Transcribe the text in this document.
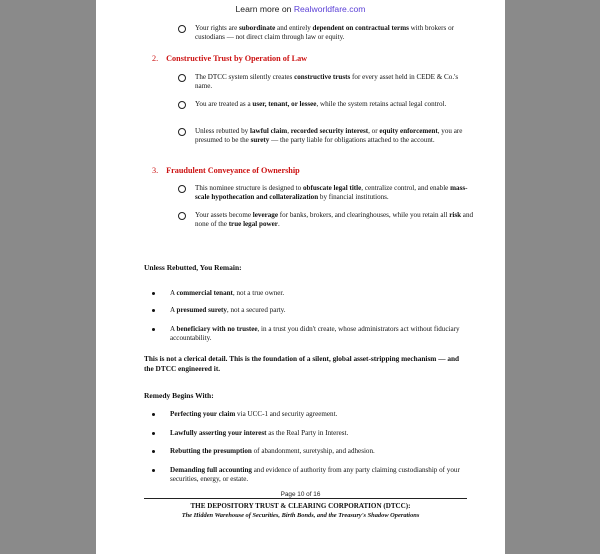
Learn more on Realworldfare.com
Your rights are subordinate and entirely dependent on contractual terms with brokers or custodians — not direct claim through law or equity.
2. Constructive Trust by Operation of Law
The DTCC system silently creates constructive trusts for every asset held in CEDE & Co.'s name.
You are treated as a user, tenant, or lessee, while the system retains actual legal control.
Unless rebutted by lawful claim, recorded security interest, or equity enforcement, you are presumed to be the surety — the party liable for obligations attached to the account.
3. Fraudulent Conveyance of Ownership
This nominee structure is designed to obfuscate legal title, centralize control, and enable mass-scale hypothecation and collateralization by financial institutions.
Your assets become leverage for banks, brokers, and clearinghouses, while you retain all risk and none of the true legal power.
Unless Rebutted, You Remain:
A commercial tenant, not a true owner.
A presumed surety, not a secured party.
A beneficiary with no trustee, in a trust you didn't create, whose administrators act without fiduciary accountability.
This is not a clerical detail. This is the foundation of a silent, global asset-stripping mechanism — and the DTCC engineered it.
Remedy Begins With:
Perfecting your claim via UCC-1 and security agreement.
Lawfully asserting your interest as the Real Party in Interest.
Rebutting the presumption of abandonment, suretyship, and adhesion.
Demanding full accounting and evidence of authority from any party claiming custodianship of your securities, energy, or estate.
Page 10 of 16
THE DEPOSITORY TRUST & CLEARING CORPORATION (DTCC):
The Hidden Warehouse of Securities, Birth Bonds, and the Treasury's Shadow Operations
